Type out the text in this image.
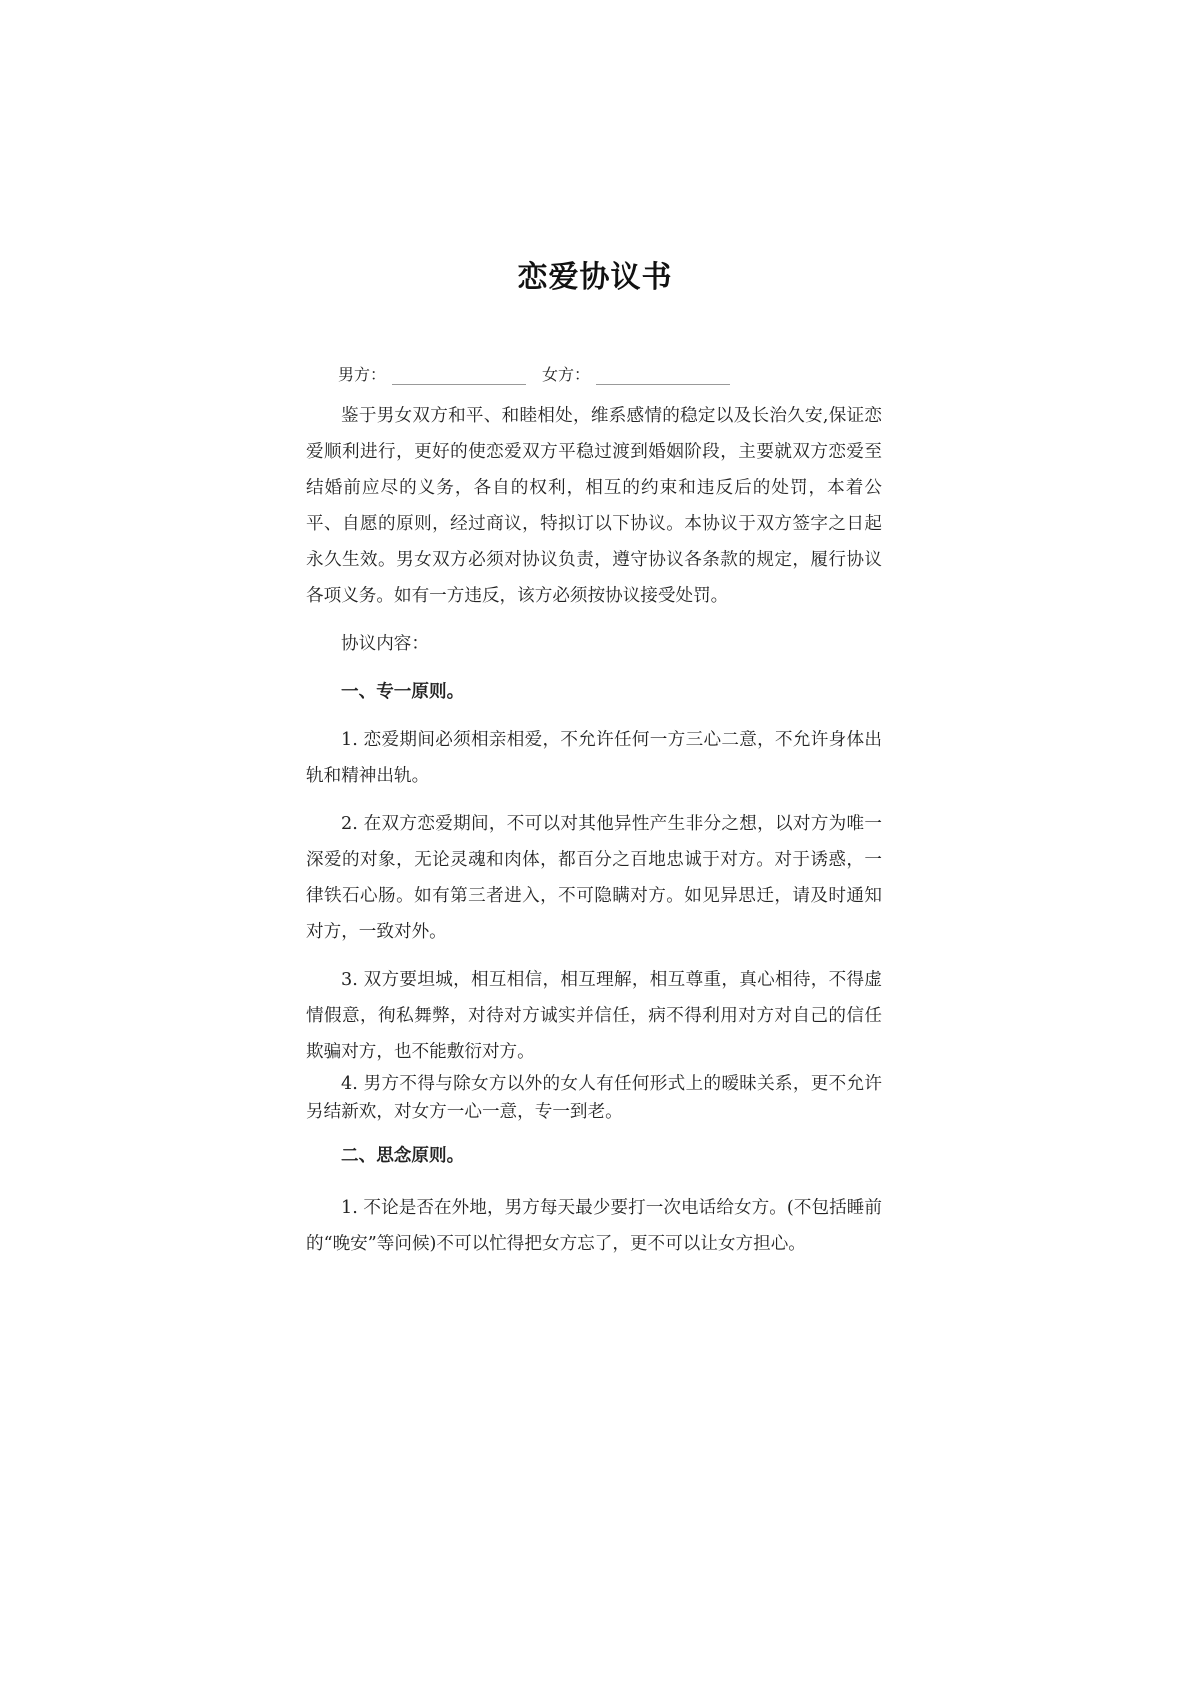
恋爱协议书
男方：	女方：

鉴于男女双方和平、和睦相处，维系感情的稳定以及长治久安,保证恋爱顺利进行，更好的使恋爱双方平稳过渡到婚姻阶段，主要就双方恋爱至结婚前应尽的义务，各自的权利，相互的约束和违反后的处罚，本着公平、自愿的原则，经过商议，特拟订以下协议。本协议于双方签字之日起永久生效。男女双方必须对协议负责，遵守协议各条款的规定，履行协议各项义务。如有一方违反，该方必须按协议接受处罚。

协议内容：

一、专一原则。

1. 恋爱期间必须相亲相爱，不允许任何一方三心二意，不允许身体出轨和精神出轨。

2. 在双方恋爱期间，不可以对其他异性产生非分之想，以对方为唯一深爱的对象，无论灵魂和肉体，都百分之百地忠诚于对方。对于诱惑，一律铁石心肠。如有第三者进入，不可隐瞒对方。如见异思迁，请及时通知对方，一致对外。

3. 双方要坦城，相互相信，相互理解，相互尊重，真心相待，不得虚情假意，徇私舞弊，对待对方诚实并信任，病不得利用对方对自己的信任欺骗对方，也不能敷衍对方。

4. 男方不得与除女方以外的女人有任何形式上的暧昧关系，更不允许另结新欢，对女方一心一意，专一到老。

二、思念原则。

1. 不论是否在外地，男方每天最少要打一次电话给女方。(不包括睡前的“晚安”等问候)不可以忙得把女方忘了，更不可以让女方担心。
